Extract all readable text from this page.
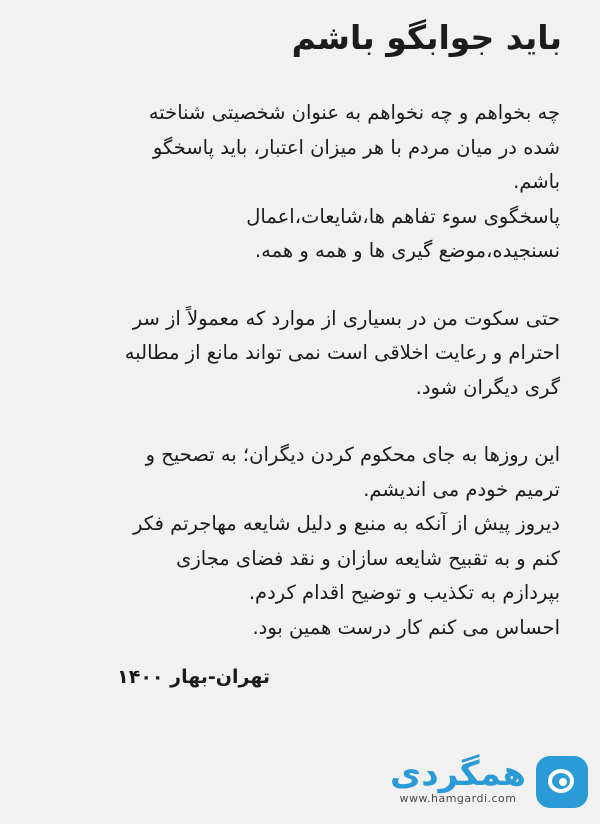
باید جوابگو باشم

چه بخواهم و چه نخواهم به عنوان شخصیتی شناخته
شده در میان مردم با هر میزان اعتبار، باید پاسخگو
باشم.
پاسخگوی سوء تفاهم ها،شایعات،اعمال
نسنجیده،موضع گیری ها و همه و همه.

حتی سکوت من در بسیاری از موارد که معمولاً از سر
احترام و رعایت اخلاقی است نمی تواند مانع از مطالبه
گری دیگران شود.

این روزها به جای محکوم کردن دیگران؛ به تصحیح و
ترمیم خودم می اندیشم.
دیروز پیش از آنکه به منبع و دلیل شایعه مهاجرتم فکر
کنم و به تقبیح شایعه سازان و نقد فضای مجازی
بپردازم به تکذیب و توضیح اقدام کردم.
احساس می کنم کار درست همین بود.

تهران-بهار ۱۴۰۰
همگردی
www.hamgardi.com
